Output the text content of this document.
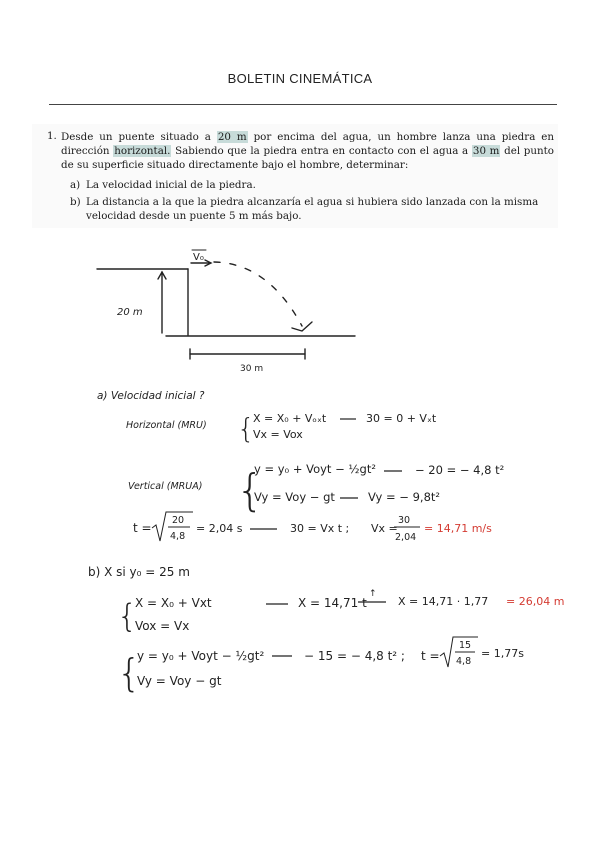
BOLETIN CINEMÁTICA
1. Desde un puente situado a 20 m por encima del agua, un hombre lanza una piedra en dirección horizontal. Sabiendo que la piedra entra en contacto con el agua a 30 m del punto de su superficie situado directamente bajo el hombre, determinar:
a) La velocidad inicial de la piedra.
b) La distancia a la que la piedra alcanzaría el agua si hubiera sido lanzada con la misma velocidad desde un puente 5 m más bajo.
V₀
20 m
30 m
a) Velocidad inicial ?
Horizontal (MRU) {
X = X₀ + Vₒₓt	30 = 0 + Vₓt
Vx = Vox
Vertical (MRUA) {
y = y₀ + Voyt − ½gt²	− 20 = − 4,8 t²
Vy = Voy − gt	Vy = − 9,8t²
t =
20
4,8
= 2,04 s	30 = Vx t ; Vx =
30
2,04
= 14,71 m/s
b) X si y₀ = 25 m
{
X = X₀ + Vxt	X = 14,71 t
↑
X = 14,71 · 1,77 = 26,04 m
Vox = Vx
{
y = y₀ + Voyt − ½gt²	− 15 = − 4,8 t² ; t =
15
4,8
= 1,77s
Vy = Voy − gt
